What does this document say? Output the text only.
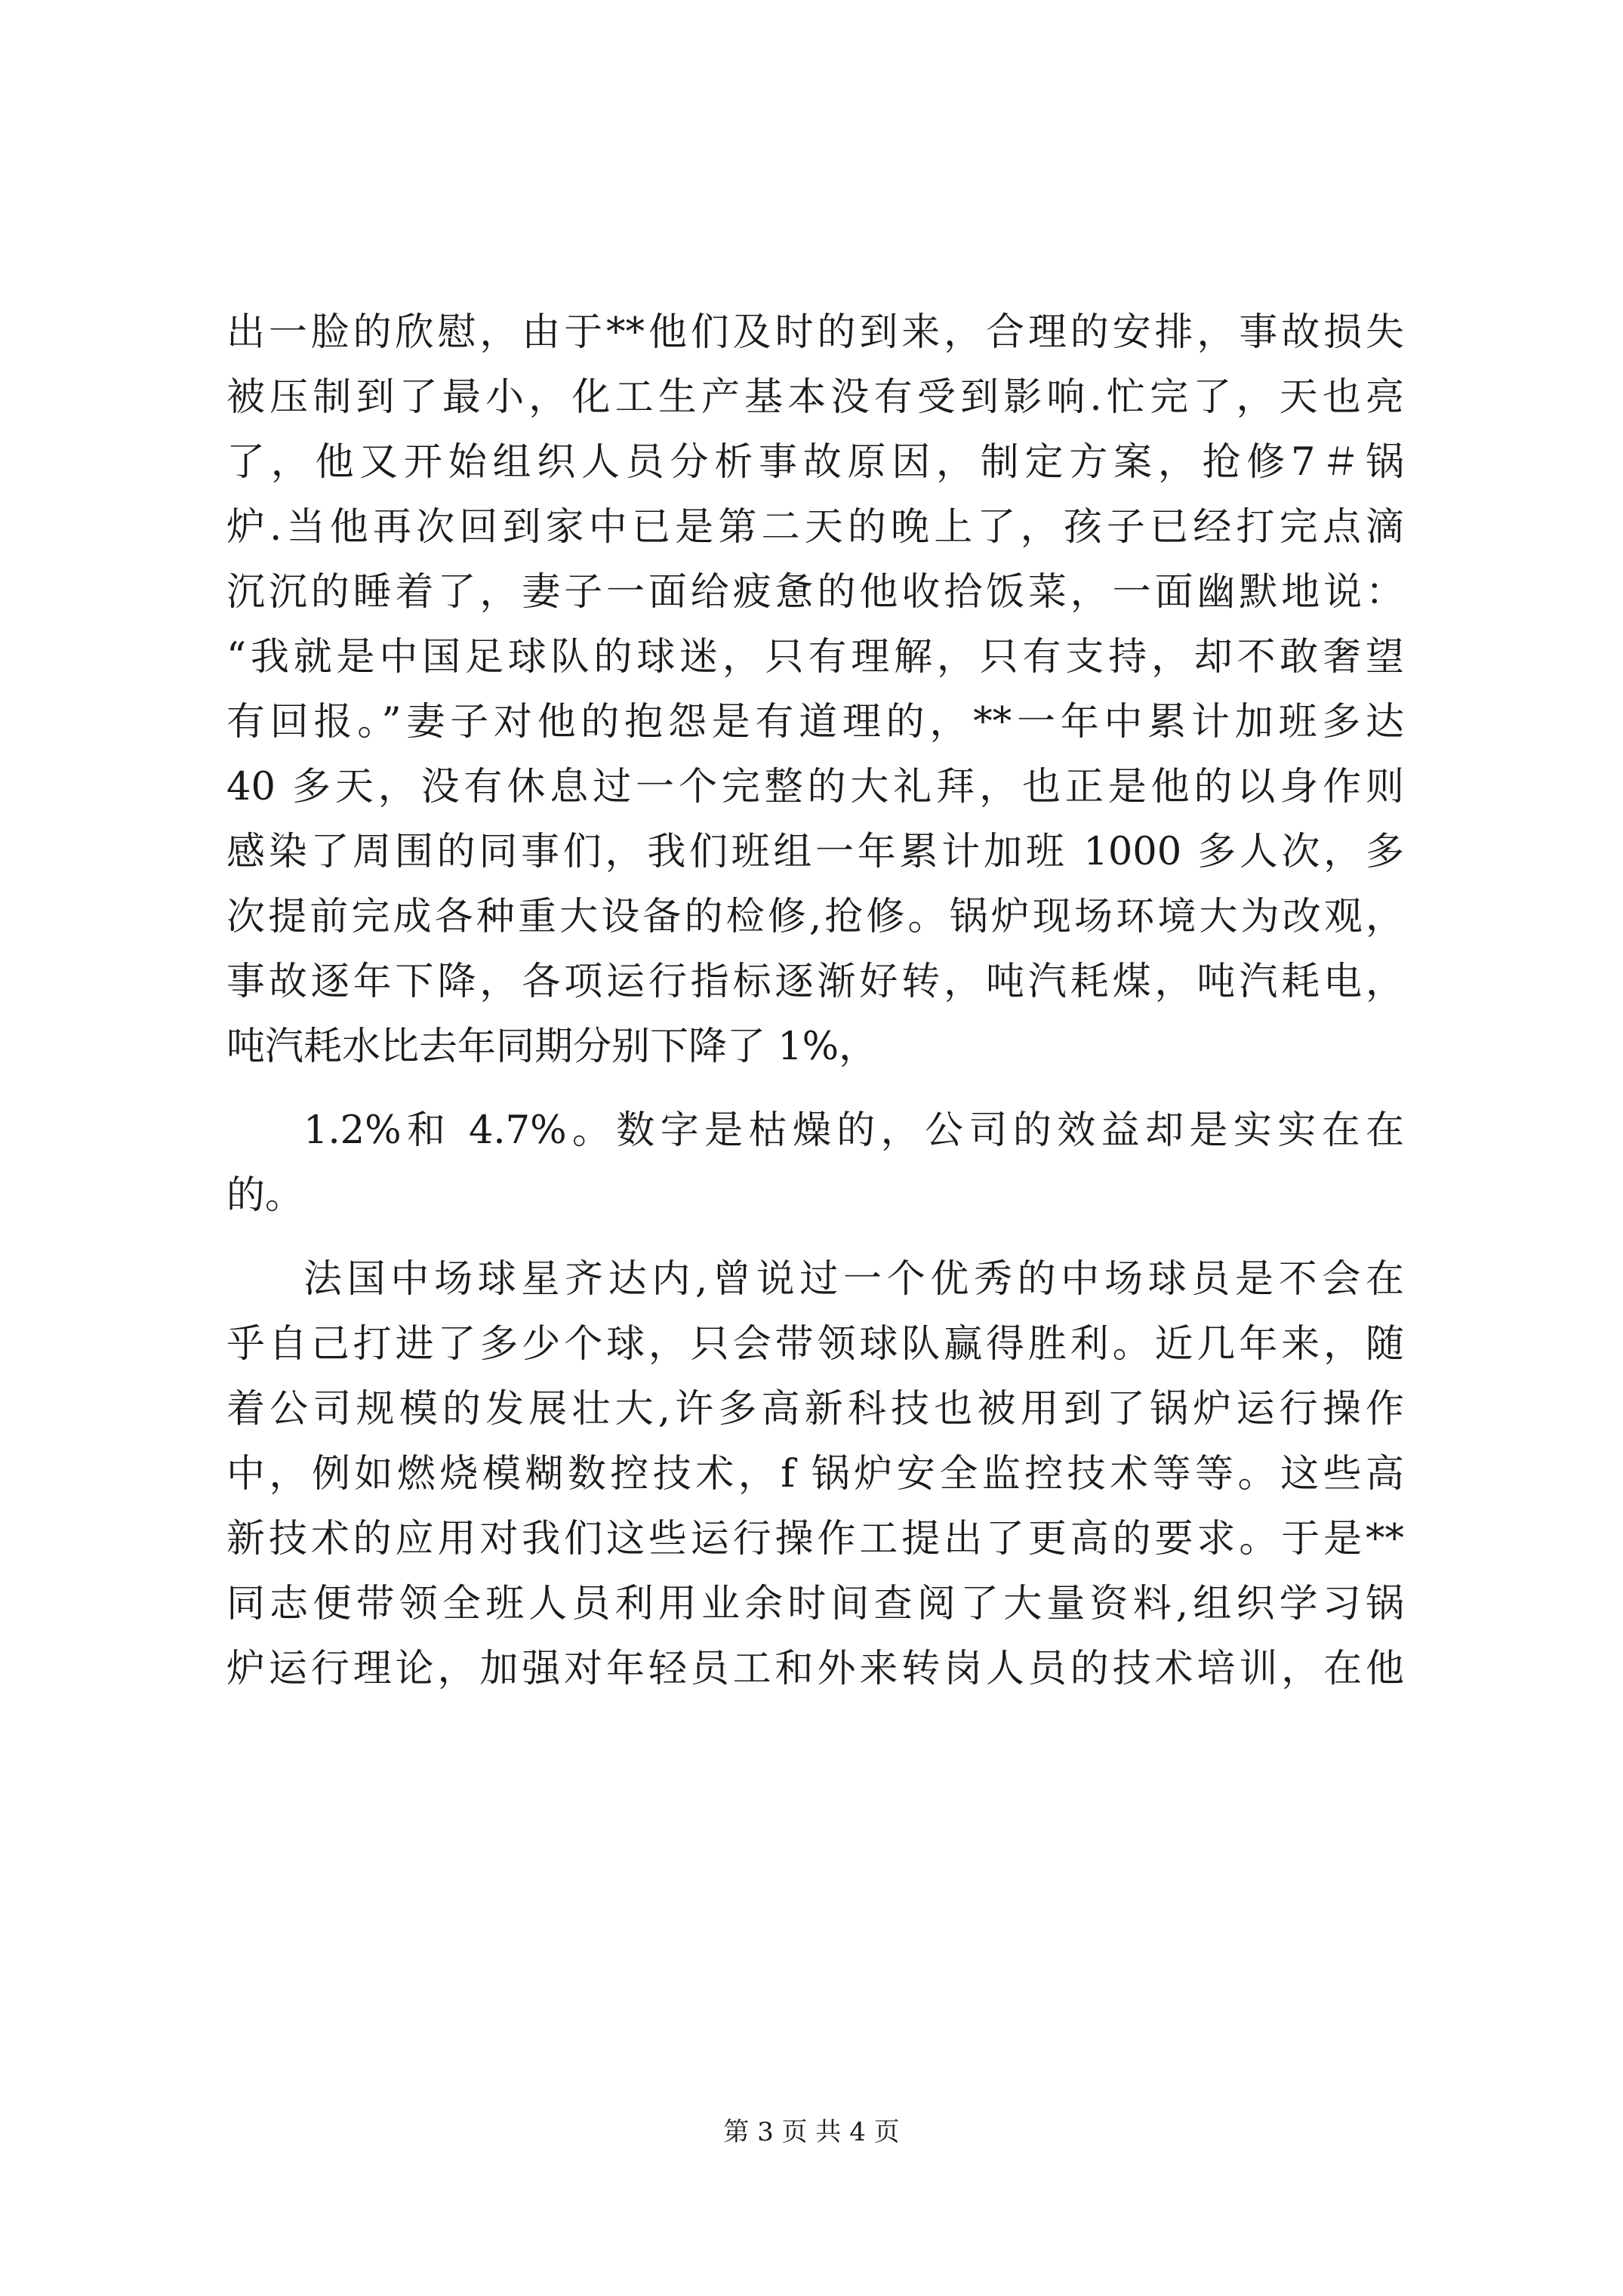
出一脸的欣慰，由于**他们及时的到来，合理的安排，事故损失
被压制到了最小，化工生产基本没有受到影响.忙完了，天也亮
了，他又开始组织人员分析事故原因，制定方案，抢修7＃锅
炉.当他再次回到家中已是第二天的晚上了，孩子已经打完点滴
沉沉的睡着了，妻子一面给疲惫的他收拾饭菜，一面幽默地说：
“我就是中国足球队的球迷，只有理解，只有支持，却不敢奢望
有回报。”妻子对他的抱怨是有道理的，**一年中累计加班多达
40 多天，没有休息过一个完整的大礼拜，也正是他的以身作则
感染了周围的同事们，我们班组一年累计加班 1000 多人次，多
次提前完成各种重大设备的检修,抢修。锅炉现场环境大为改观，
事故逐年下降，各项运行指标逐渐好转，吨汽耗煤，吨汽耗电，
吨汽耗水比去年同期分别下降了 1%，
1.2%和 4.7%。数字是枯燥的，公司的效益却是实实在在
的。
法国中场球星齐达内,曾说过一个优秀的中场球员是不会在
乎自己打进了多少个球，只会带领球队赢得胜利。近几年来，随
着公司规模的发展壮大,许多高新科技也被用到了锅炉运行操作
中，例如燃烧模糊数控技术，f 锅炉安全监控技术等等。这些高
新技术的应用对我们这些运行操作工提出了更高的要求。于是**
同志便带领全班人员利用业余时间查阅了大量资料,组织学习锅
炉运行理论，加强对年轻员工和外来转岗人员的技术培训，在他
第 3 页 共 4 页
